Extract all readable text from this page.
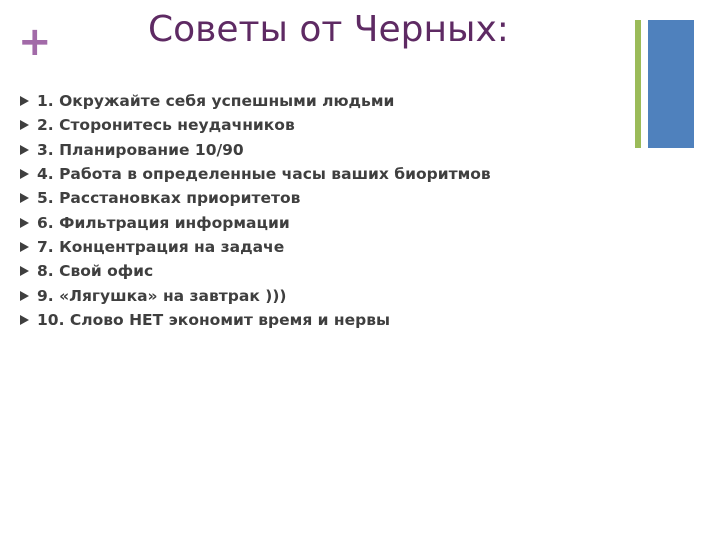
+	Советы от Черных:
1. Окружайте себя успешными людьми
2. Сторонитесь неудачников
3. Планирование 10/90
4. Работа в определенные часы ваших биоритмов
5. Расстановках приоритетов
6. Фильтрация информации
7. Концентрация на задаче
8. Свой офис
9. «Лягушка» на завтрак )))
10. Слово НЕТ экономит время и нервы
